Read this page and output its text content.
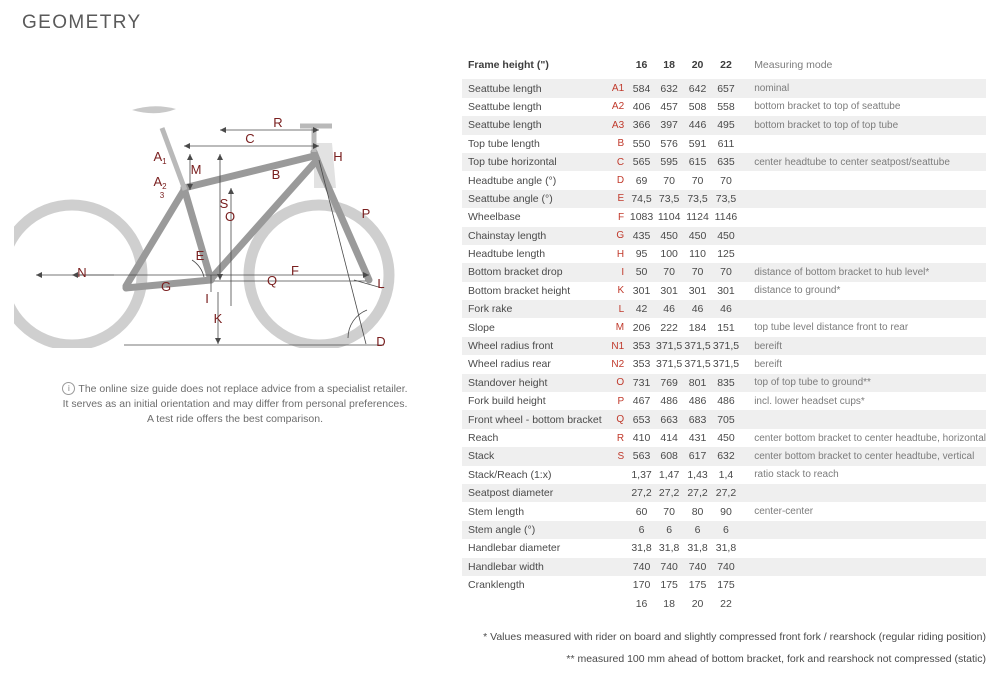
GEOMETRY
$A_1$
$A_2$
3
M	B
C
R
H
P
D
E
F
G
I
K
L
N
O
Q
S
i The online size guide does not replace advice from a specialist retailer. It serves as an initial orientation and may differ from personal preferences. A test ride offers the best comparison.
Frame height (")		16	18	20	22	Measuring mode
Seattube length	A1	584	632	642	657	nominal
Seattube length	A2	406	457	508	558	bottom bracket to top of seattube
Seattube length	A3	366	397	446	495	bottom bracket to top of top tube
Top tube length	B	550	576	591	611	
Top tube horizontal	C	565	595	615	635	center headtube to center seatpost/seattube
Headtube angle (°)	D	69	70	70	70	
Seattube angle (°)	E	74,5	73,5	73,5	73,5	
Wheelbase	F	1083	1104	1124	1146	
Chainstay length	G	435	450	450	450	
Headtube length	H	95	100	110	125	
Bottom bracket drop	I	50	70	70	70	distance of bottom bracket to hub level*
Bottom bracket height	K	301	301	301	301	distance to ground*
Fork rake	L	42	46	46	46	
Slope	M	206	222	184	151	top tube level distance front to rear
Wheel radius front	N1	353	371,5	371,5	371,5	bereift
Wheel radius rear	N2	353	371,5	371,5	371,5	bereift
Standover height	O	731	769	801	835	top of top tube to ground**
Fork build height	P	467	486	486	486	incl. lower headset cups*
Front wheel - bottom bracket	Q	653	663	683	705	
Reach	R	410	414	431	450	center bottom bracket to center headtube, horizontal
Stack	S	563	608	617	632	center bottom bracket to center headtube, vertical
Stack/Reach (1:x)		1,37	1,47	1,43	1,4	ratio stack to reach
Seatpost diameter		27,2	27,2	27,2	27,2	
Stem length		60	70	80	90	center-center
Stem angle (°)		6	6	6	6	
Handlebar diameter		31,8	31,8	31,8	31,8	
Handlebar width		740	740	740	740	
Cranklength		170	175	175	175	
		16	18	20	22	
* Values measured with rider on board and slightly compressed front fork / rearshock (regular riding position)
** measured 100 mm ahead of bottom bracket, fork and rearshock not compressed (static)
